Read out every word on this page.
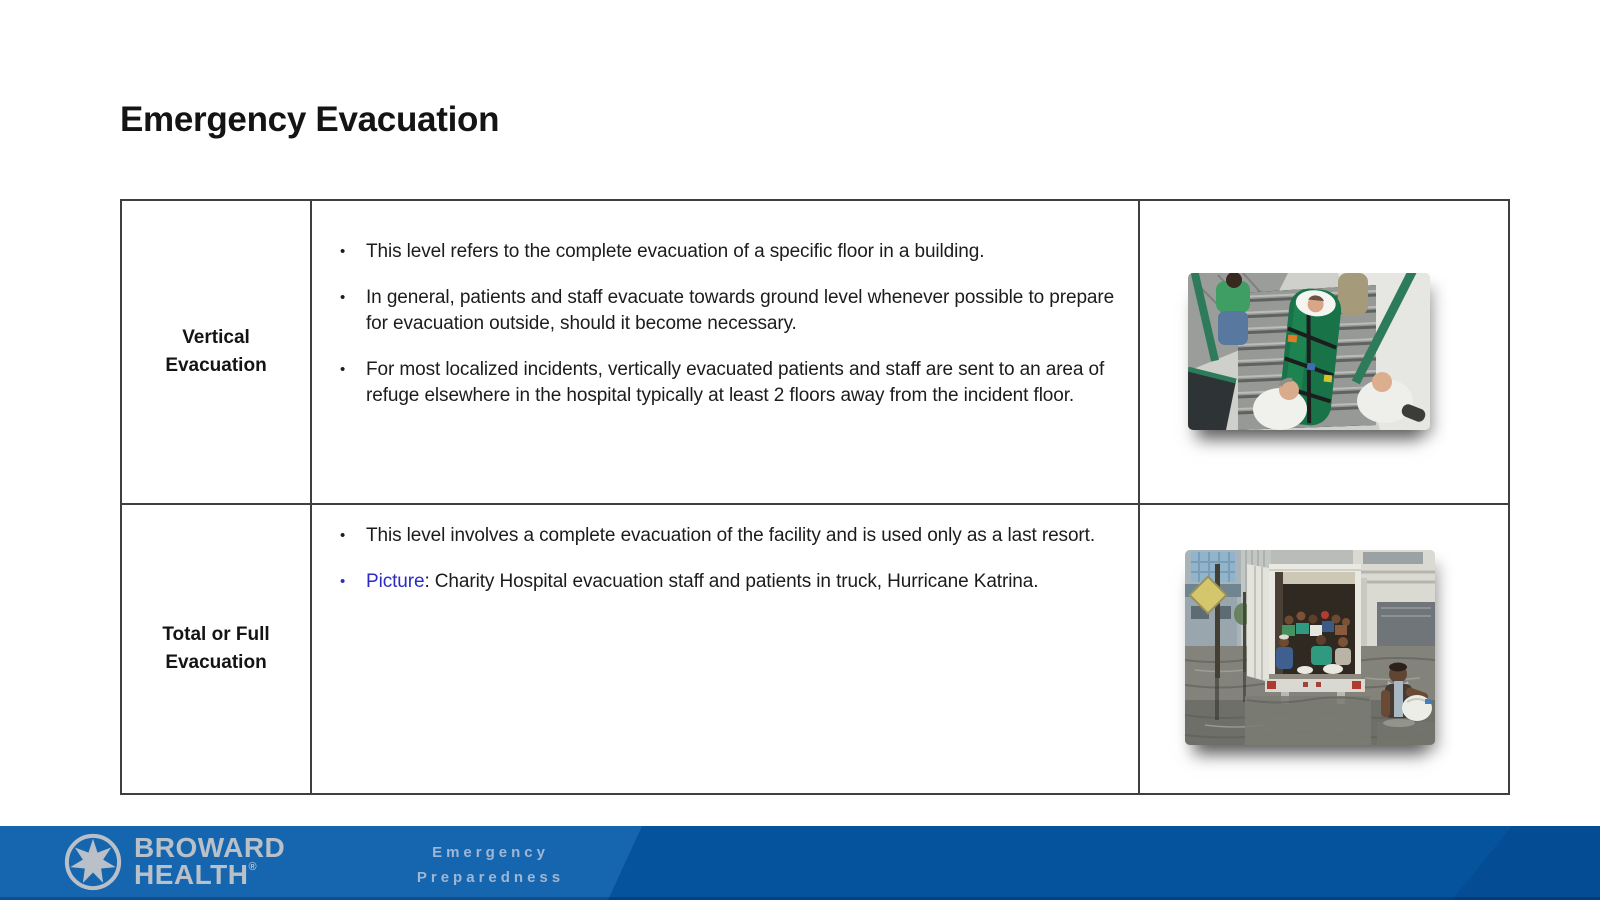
Emergency Evacuation
Vertical
Evacuation
•	This level refers to the complete evacuation of a specific floor in a building.
•	In general, patients and staff evacuate towards ground level whenever possible to prepare for evacuation outside, should it become necessary.
•	For most localized incidents, vertically evacuated patients and staff are sent to an area of refuge elsewhere in the hospital typically at least 2 floors away from the incident floor.
Total or Full
Evacuation
•	This level involves a complete evacuation of the facility and is used only as a last resort.
•	Picture: Charity Hospital evacuation staff and patients in truck, Hurricane Katrina.
BROWARD
HEALTH®
Emergency
Preparedness
